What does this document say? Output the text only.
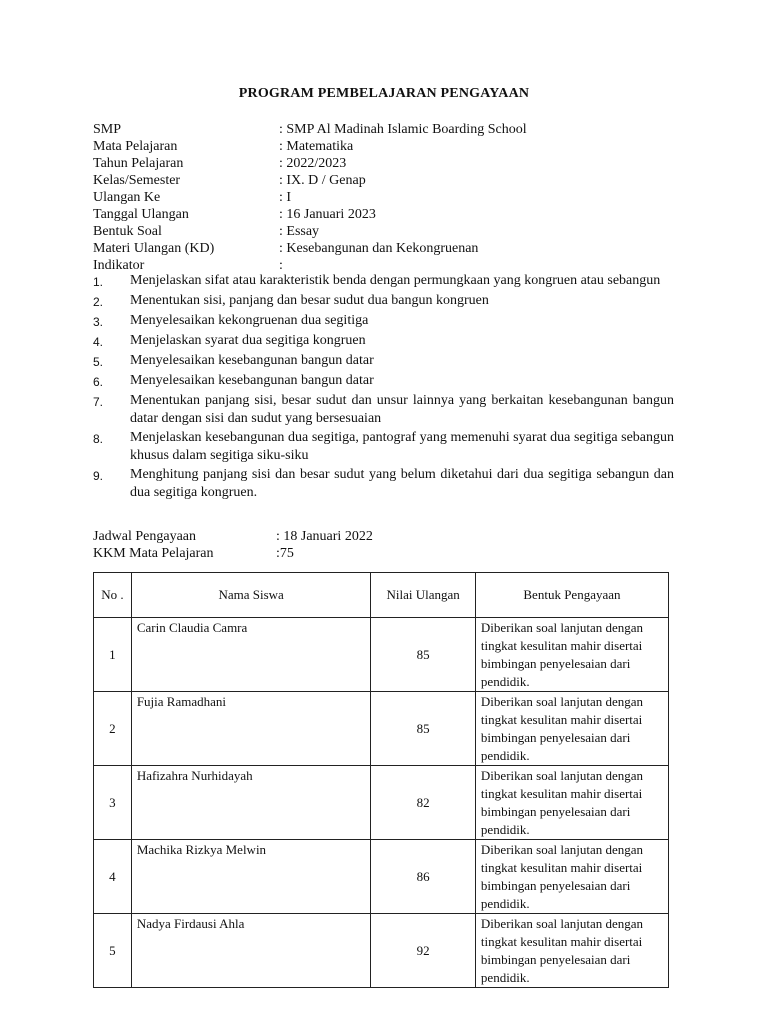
PROGRAM PEMBELAJARAN PENGAYAAN
SMP	: SMP Al Madinah Islamic Boarding School
Mata Pelajaran	: Matematika
Tahun Pelajaran	: 2022/2023
Kelas/Semester	: IX. D / Genap
Ulangan Ke	: I
Tanggal Ulangan	: 16 Januari 2023
Bentuk Soal	: Essay
Materi Ulangan (KD)	: Kesebangunan dan Kekongruenan
Indikator	:
1.	Menjelaskan sifat atau karakteristik benda dengan permungkaan yang kongruen atau sebangun
2.	Menentukan sisi, panjang dan besar sudut dua bangun kongruen
3.	Menyelesaikan kekongruenan dua segitiga
4.	Menjelaskan syarat dua segitiga kongruen
5.	Menyelesaikan kesebangunan bangun datar
6.	Menyelesaikan kesebangunan bangun datar
7.	Menentukan panjang sisi, besar sudut dan unsur lainnya yang berkaitan kesebangunan bangun datar dengan sisi dan sudut yang bersesuaian
8.	Menjelaskan kesebangunan dua segitiga, pantograf yang memenuhi syarat dua segitiga sebangun khusus dalam segitiga siku-siku
9.	Menghitung panjang sisi dan besar sudut yang belum diketahui dari dua segitiga sebangun dan dua segitiga kongruen.
Jadwal Pengayaan	: 18 Januari 2022
KKM Mata Pelajaran	:75
No .	Nama Siswa	Nilai Ulangan	Bentuk Pengayaan
1	Carin Claudia Camra	85	Diberikan soal lanjutan dengan tingkat kesulitan mahir disertai bimbingan penyelesaian dari pendidik.

2	Fujia Ramadhani	85	Diberikan soal lanjutan dengan tingkat kesulitan mahir disertai bimbingan penyelesaian dari pendidik.

3	Hafizahra Nurhidayah	82	Diberikan soal lanjutan dengan tingkat kesulitan mahir disertai bimbingan penyelesaian dari pendidik.

4	Machika Rizkya Melwin	86	Diberikan soal lanjutan dengan tingkat kesulitan mahir disertai bimbingan penyelesaian dari pendidik.

5	Nadya Firdausi Ahla	92	Diberikan soal lanjutan dengan tingkat kesulitan mahir disertai bimbingan penyelesaian dari pendidik.
